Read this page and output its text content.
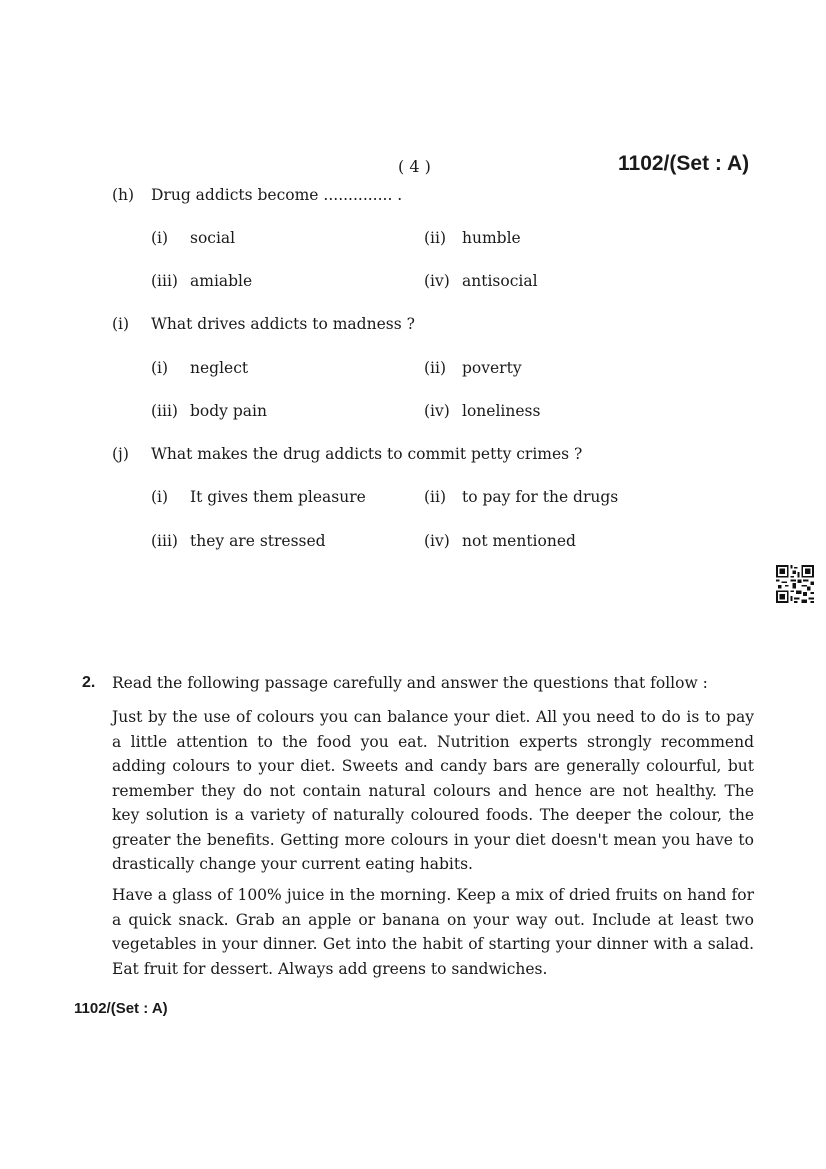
( 4 )	1102/(Set : A)
(h) Drug addicts become .............. .
(i) social	(ii) humble
(iii) amiable	(iv) antisocial
(i) What drives addicts to madness ?
(i) neglect	(ii) poverty
(iii) body pain	(iv) loneliness
(j) What makes the drug addicts to commit petty crimes ?
(i) It gives them pleasure	(ii) to pay for the drugs
(iii) they are stressed	(iv) not mentioned
2. Read the following passage carefully and answer the questions that follow :

Just by the use of colours you can balance your diet. All you need to do is to pay a little attention to the food you eat. Nutrition experts strongly recommend adding colours to your diet. Sweets and candy bars are generally colourful, but remember they do not contain natural colours and hence are not healthy. The key solution is a variety of naturally coloured foods. The deeper the colour, the greater the benefits. Getting more colours in your diet doesn't mean you have to drastically change your current eating habits.

Have a glass of 100% juice in the morning. Keep a mix of dried fruits on hand for a quick snack. Grab an apple or banana on your way out. Include at least two vegetables in your dinner. Get into the habit of starting your dinner with a salad. Eat fruit for dessert. Always add greens to sandwiches.

1102/(Set : A)
